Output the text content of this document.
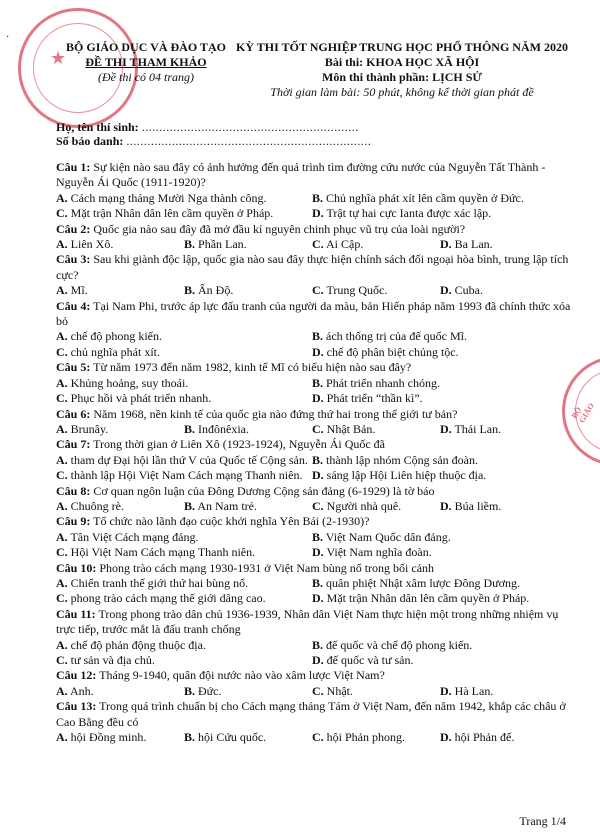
·
★
BỘ GIÁO
BỘ GIÁO DỤC VÀ ĐÀO TẠO
ĐỀ THI THAM KHẢO
(Đề thi có 04 trang)
KỲ THI TỐT NGHIỆP TRUNG HỌC PHỔ THÔNG NĂM 2020
Bài thi: KHOA HỌC XÃ HỘI
Môn thi thành phần: LỊCH SỬ
Thời gian làm bài: 50 phút, không kể thời gian phát đề
Họ, tên thí sinh: ..............................................................
Số báo danh: ......................................................................
Câu 1: Sự kiện nào sau đây có ảnh hưởng đến quá trình tìm đường cứu nước của Nguyễn Tất Thành - Nguyễn Ái Quốc (1911-1920)?
A. Cách mạng tháng Mười Nga thành công.	B. Chủ nghĩa phát xít lên cầm quyền ở Đức.
C. Mặt trận Nhân dân lên cầm quyền ở Pháp.	D. Trật tự hai cực Ianta được xác lập.
Câu 2: Quốc gia nào sau đây đã mở đầu kỉ nguyên chinh phục vũ trụ của loài người?
A. Liên Xô.	B. Phần Lan.	C. Ai Cập.	D. Ba Lan.
Câu 3: Sau khi giành độc lập, quốc gia nào sau đây thực hiện chính sách đối ngoại hòa bình, trung lập tích cực?
A. Mĩ.	B. Ấn Độ.	C. Trung Quốc.	D. Cuba.
Câu 4: Tại Nam Phi, trước áp lực đấu tranh của người da màu, bản Hiến pháp năm 1993 đã chính thức xóa bỏ
A. chế độ phong kiến.	B. ách thống trị của đế quốc Mĩ.
C. chủ nghĩa phát xít.	D. chế độ phân biệt chủng tộc.
Câu 5: Từ năm 1973 đến năm 1982, kinh tế Mĩ có biểu hiện nào sau đây?
A. Khủng hoảng, suy thoái.	B. Phát triển nhanh chóng.
C. Phục hồi và phát triển nhanh.	D. Phát triển “thần kì”.
Câu 6: Năm 1968, nền kinh tế của quốc gia nào đứng thứ hai trong thế giới tư bản?
A. Brunây.	B. Inđônêxia.	C. Nhật Bản.	D. Thái Lan.
Câu 7: Trong thời gian ở Liên Xô (1923-1924), Nguyễn Ái Quốc đã
A. tham dự Đại hội lần thứ V của Quốc tế Cộng sản. B. thành lập nhóm Cộng sản đoàn.
C. thành lập Hội Việt Nam Cách mạng Thanh niên. D. sáng lập Hội Liên hiệp thuộc địa.
Câu 8: Cơ quan ngôn luận của Đông Dương Cộng sản đảng (6-1929) là tờ báo
A. Chuông rè.	B. An Nam trẻ.	C. Người nhà quê.	D. Búa liềm.
Câu 9: Tổ chức nào lãnh đạo cuộc khởi nghĩa Yên Bái (2-1930)?
A. Tân Việt Cách mạng đảng.	B. Việt Nam Quốc dân đảng.
C. Hội Việt Nam Cách mạng Thanh niên.	D. Việt Nam nghĩa đoàn.
Câu 10: Phong trào cách mạng 1930-1931 ở Việt Nam bùng nổ trong bối cảnh
A. Chiến tranh thế giới thứ hai bùng nổ.	B. quân phiệt Nhật xâm lược Đông Dương.
C. phong trào cách mạng thế giới dâng cao.	D. Mặt trận Nhân dân lên cầm quyền ở Pháp.
Câu 11: Trong phong trào dân chủ 1936-1939, Nhân dân Việt Nam thực hiện một trong những nhiệm vụ trực tiếp, trước mắt là đấu tranh chống
A. chế độ phản động thuộc địa.	B. đế quốc và chế độ phong kiến.
C. tư sản và địa chủ.	D. đế quốc và tư sản.
Câu 12: Tháng 9-1940, quân đội nước nào vào xâm lược Việt Nam?
A. Anh.	B. Đức.	C. Nhật.	D. Hà Lan.
Câu 13: Trong quá trình chuẩn bị cho Cách mạng tháng Tám ở Việt Nam, đến năm 1942, khắp các châu ở Cao Bằng đều có
A. hội Đồng minh.	B. hội Cứu quốc.	C. hội Phản phong.	D. hội Phản đế.
Trang 1/4
